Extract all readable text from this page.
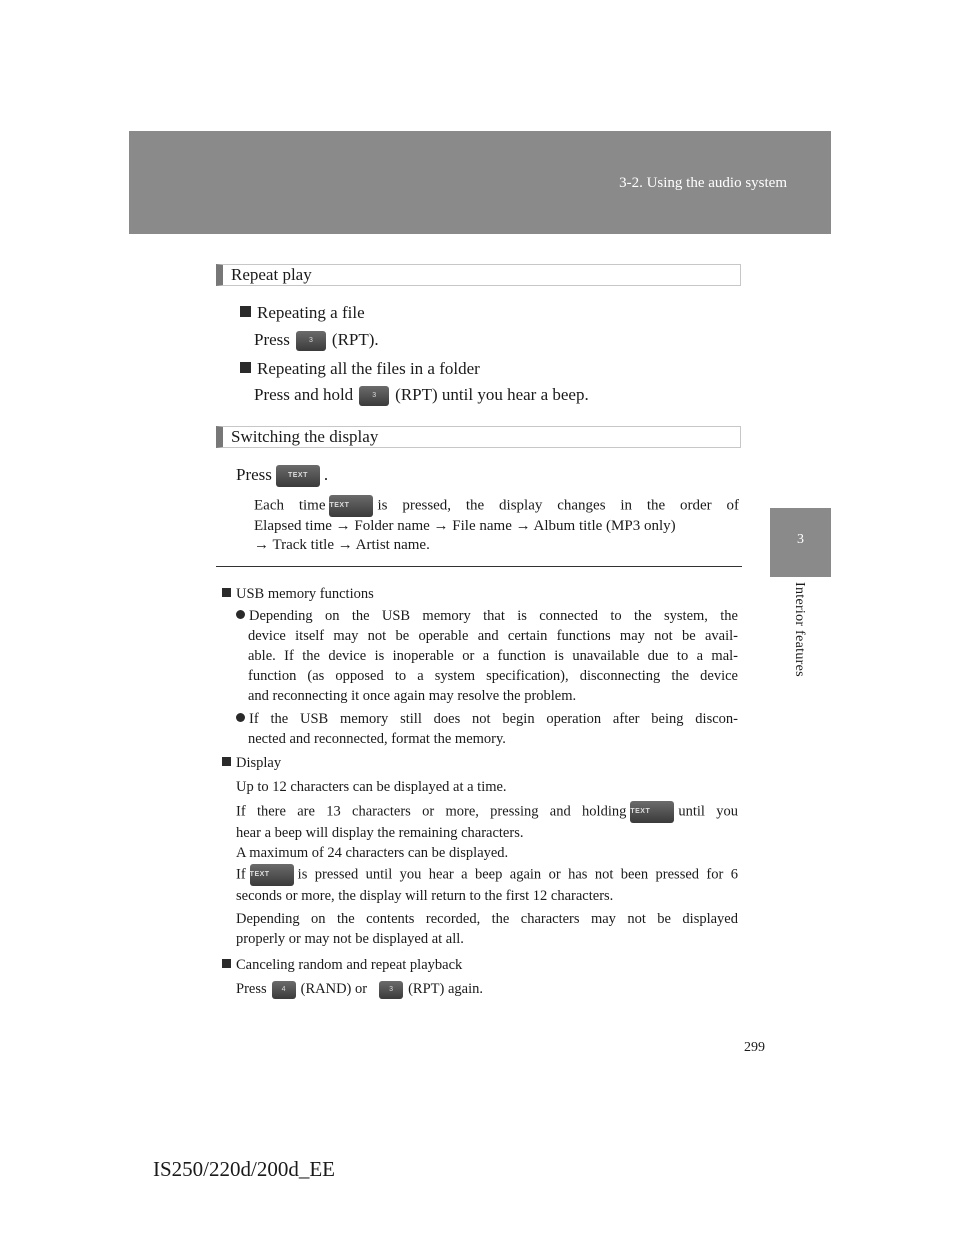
3-2. Using the audio system
3
Interior features
Repeat play
Repeating a file
Press	3 (RPT).
Repeating all the files in a folder
Press and hold	3 (RPT) until you hear a beep.
Switching the display
Press TEXT .
Each time TEXT is pressed, the display changes in the order of
Elapsed time → Folder name → File name → Album title (MP3 only)
→ Track title → Artist name.
USB memory functions
Depending on the USB memory that is connected to the system, the
device itself may not be operable and certain functions may not be avail-
able. If the device is inoperable or a function is unavailable due to a mal-
function (as opposed to a system specification), disconnecting the device
and reconnecting it once again may resolve the problem.
If the USB memory still does not begin operation after being discon-
nected and reconnected, format the memory.
Display
Up to 12 characters can be displayed at a time.
If there are 13 characters or more, pressing and holding TEXT until you
hear a beep will display the remaining characters.
A maximum of 24 characters can be displayed.
If TEXT is pressed until you hear a beep again or has not been pressed for 6
seconds or more, the display will return to the first 12 characters.
Depending on the contents recorded, the characters may not be displayed
properly or may not be displayed at all.
Canceling random and repeat playback
Press 4 (RAND) or	3 (RPT) again.
299
IS250/220d/200d_EE
